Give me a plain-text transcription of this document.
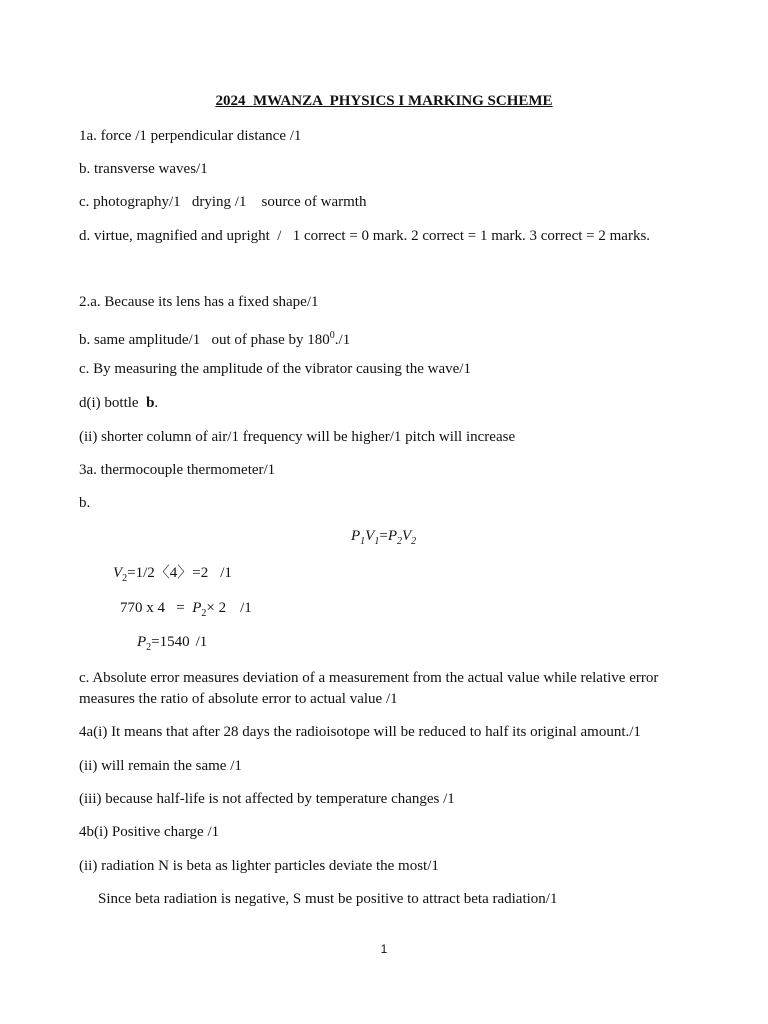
2024  MWANZA  PHYSICS I MARKING SCHEME
1a. force /1 perpendicular distance /1
b. transverse waves/1
c. photography/1   drying /1    source of warmth
d. virtue, magnified and upright  /   1 correct = 0 mark. 2 correct = 1 mark. 3 correct = 2 marks.
2.a. Because its lens has a fixed shape/1
b. same amplitude/1   out of phase by $180^0./1$
c. By measuring the amplitude of the vibrator causing the wave/1
d(i) bottle  b.
(ii) shorter column of air/1 frequency will be higher/1 pitch will increase
3a. thermocouple thermometer/1
b.
$P_1V_1=P_2V_2$
$V_2=1/2〈4〉=2$ /1
770 x $4 = P_2\times 2$ /1
$P_2=1540$ /1
c. Absolute error measures deviation of a measurement from the actual value while relative error
measures the ratio of absolute error to actual value /1
4a(i) It means that after 28 days the radioisotope will be reduced to half its original amount./1
(ii) will remain the same /1
(iii) because half-life is not affected by temperature changes /1
4b(i) Positive charge /1
(ii) radiation N is beta as lighter particles deviate the most/1
Since beta radiation is negative, S must be positive to attract beta radiation/1
1
